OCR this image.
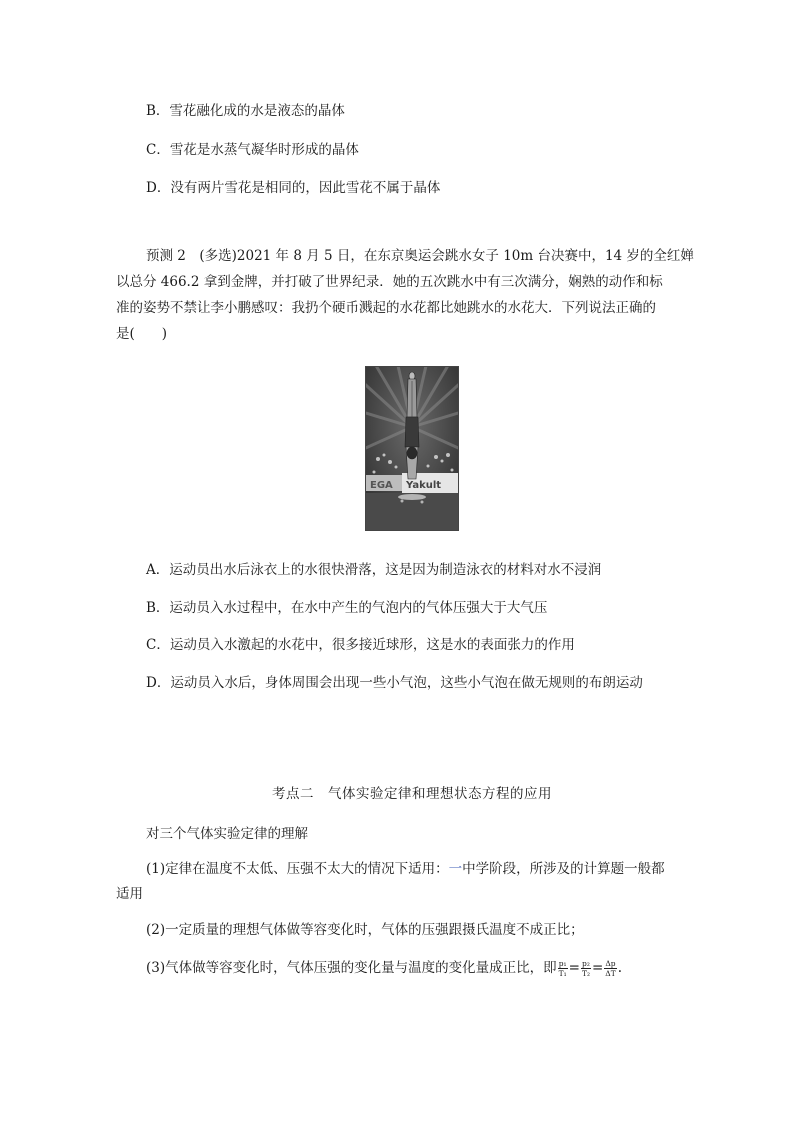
B．雪花融化成的水是液态的晶体
C．雪花是水蒸气凝华时形成的晶体
D．没有两片雪花是相同的，因此雪花不属于晶体
预测 2　(多选)2021 年 8 月 5 日，在东京奥运会跳水女子 10m 台决赛中，14 岁的全红婵
以总分 466.2 拿到金牌，并打破了世界纪录．她的五次跳水中有三次满分，娴熟的动作和标
准的姿势不禁让李小鹏感叹：我扔个硬币溅起的水花都比她跳水的水花大．下列说法正确的
是(　　)
EGA Yakult
A．运动员出水后泳衣上的水很快滑落，这是因为制造泳衣的材料对水不浸润
B．运动员入水过程中，在水中产生的气泡内的气体压强大于大气压
C．运动员入水激起的水花中，很多接近球形，这是水的表面张力的作用
D．运动员入水后，身体周围会出现一些小气泡，这些小气泡在做无规则的布朗运动
考点二　气体实验定律和理想状态方程的应用
对三个气体实验定律的理解
(1)定律在温度不太低、压强不太大的情况下适用：一中学阶段，所涉及的计算题一般都
适用
(2)一定质量的理想气体做等容变化时，气体的压强跟摄氏温度不成正比；
(3)气体做等容变化时，气体压强的变化量与温度的变化量成正比，即 $\frac{\text{p₁}}{\text{T₁}} = \frac{\text{p₂}}{\text{T₂}} = \frac{\Delta p}{\Delta T}$ .
